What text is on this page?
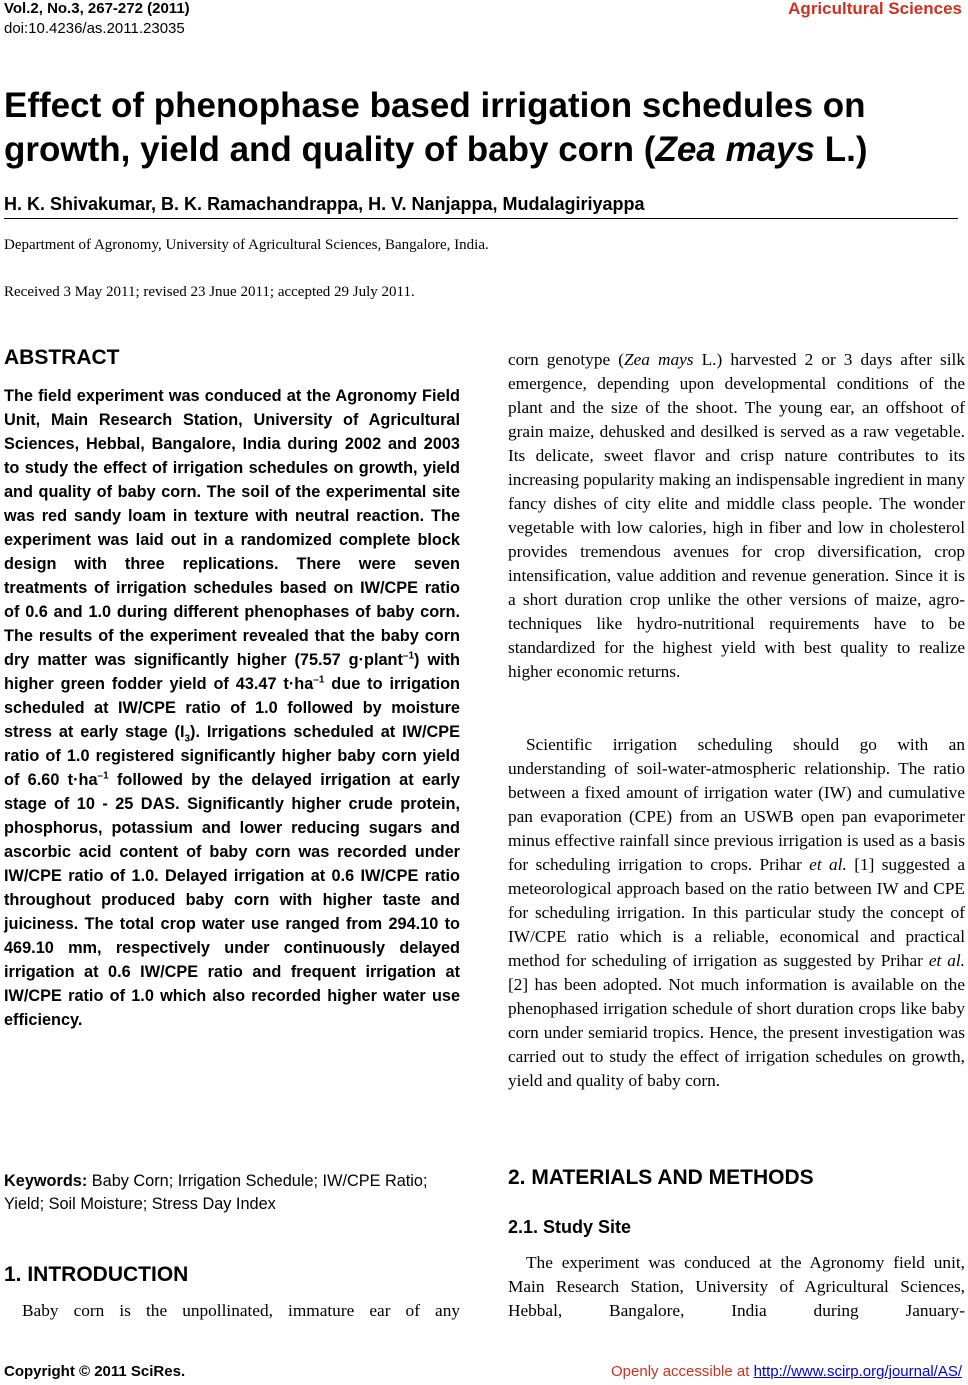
Vol.2, No.3, 267-272 (2011)
doi:10.4236/as.2011.23035
Agricultural Sciences
Effect of phenophase based irrigation schedules on growth, yield and quality of baby corn (Zea mays L.)
H. K. Shivakumar, B. K. Ramachandrappa, H. V. Nanjappa, Mudalagiriyappa
Department of Agronomy, University of Agricultural Sciences, Bangalore, India.
Received 3 May 2011; revised 23 Jnue 2011; accepted 29 July 2011.
ABSTRACT
The field experiment was conduced at the Agronomy Field Unit, Main Research Station, University of Agricultural Sciences, Hebbal, Bangalore, India during 2002 and 2003 to study the effect of irrigation schedules on growth, yield and quality of baby corn. The soil of the experimental site was red sandy loam in texture with neutral reaction. The experiment was laid out in a randomized complete block design with three replications. There were seven treatments of irrigation schedules based on IW/CPE ratio of 0.6 and 1.0 during different phenophases of baby corn. The results of the experiment revealed that the baby corn dry matter was significantly higher (75.57 g·plant$^{-1}$) with higher green fodder yield of 43.47 $t\cdot ha^{-1}$ due to irrigation scheduled at IW/CPE ratio of 1.0 followed by moisture stress at early stage $(I_3)$. Irrigations scheduled at IW/CPE ratio of 1.0 registered significantly higher baby corn yield of 6.60 $t\cdot ha^{-1}$ followed by the delayed irrigation at early stage of 10 - 25 DAS. Significantly higher crude protein, phosphorus, potassium and lower reducing sugars and ascorbic acid content of baby corn was recorded under IW/CPE ratio of 1.0. Delayed irrigation at 0.6 IW/CPE ratio throughout produced baby corn with higher taste and juiciness. The total crop water use ranged from 294.10 to 469.10 mm, respectively under continuously delayed irrigation at 0.6 IW/CPE ratio and frequent irrigation at IW/CPE ratio of 1.0 which also recorded higher water use efficiency.
Keywords: Baby Corn; Irrigation Schedule; IW/CPE Ratio; Yield; Soil Moisture; Stress Day Index
1. INTRODUCTION

Baby corn is the unpollinated, immature ear of any

corn genotype (Zea mays L.) harvested 2 or 3 days after silk emergence, depending upon developmental conditions of the plant and the size of the shoot. The young ear, an offshoot of grain maize, dehusked and desilked is served as a raw vegetable. Its delicate, sweet flavor and crisp nature contributes to its increasing popularity making an indispensable ingredient in many fancy dishes of city elite and middle class people. The wonder vegetable with low calories, high in fiber and low in cholesterol provides tremendous avenues for crop diversification, crop intensification, value addition and revenue generation. Since it is a short duration crop unlike the other versions of maize, agro-techniques like hydro-nutritional requirements have to be standardized for the highest yield with best quality to realize higher economic returns.

Scientific irrigation scheduling should go with an understanding of soil-water-atmospheric relationship. The ratio between a fixed amount of irrigation water (IW) and cumulative pan evaporation (CPE) from an USWB open pan evaporimeter minus effective rainfall since previous irrigation is used as a basis for scheduling irrigation to crops. Prihar et al. [1] suggested a meteorological approach based on the ratio between IW and CPE for scheduling irrigation. In this particular study the concept of IW/CPE ratio which is a reliable, economical and practical method for scheduling of irrigation as suggested by Prihar et al. [2] has been adopted. Not much information is available on the phenophased irrigation schedule of short duration crops like baby corn under semiarid tropics. Hence, the present investigation was carried out to study the effect of irrigation schedules on growth, yield and quality of baby corn.

2. MATERIALS AND METHODS
2.1. Study Site

The experiment was conduced at the Agronomy field unit, Main Research Station, University of Agricultural Sciences, Hebbal, Bangalore, India during January-

Copyright © 2011 SciRes.	Openly accessible at http://www.scirp.org/journal/AS/
